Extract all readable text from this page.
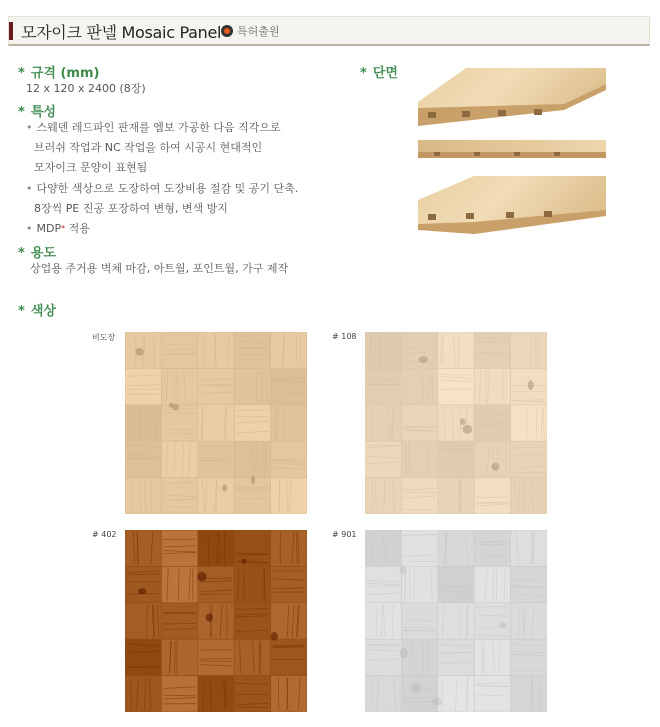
모자이크 판넬 Mosaic Panel	특허출원
* 규격 (mm)
12 x 120 x 2400 (8장)
* 특성
• 스웨덴 레드파인 판재를 엠보 가공한 다음 직각으로
브러쉬 작업과 NC 작업을 하여 시공시 현대적인
모자이크 문양이 표현됨
• 다양한 색상으로 도장하여 도장비용 절감 및 공기 단축.
8장씩 PE 진공 포장하여 변형, 변색 방지
• MDP* 적용
* 용도
상업용 주거용 벽체 마감, 아트월, 포인트월, 가구 제작
* 단면
* 색상
비도장	# 108
# 402	# 901
